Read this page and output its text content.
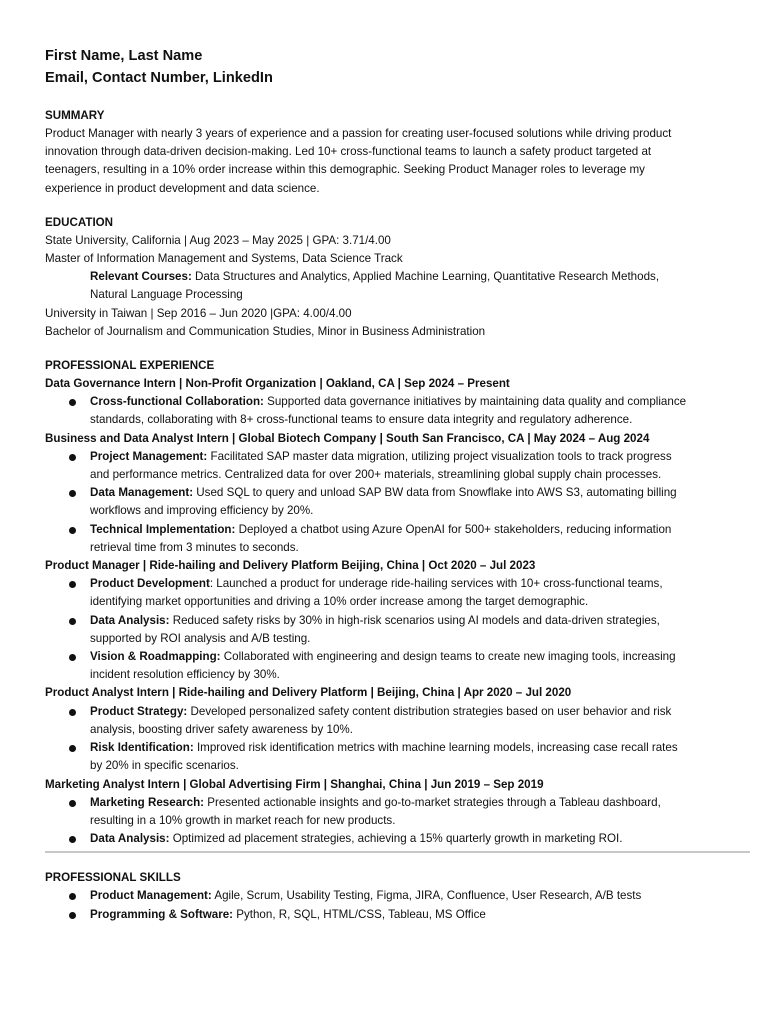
First Name, Last Name
Email, Contact Number, LinkedIn
SUMMARY
Product Manager with nearly 3 years of experience and a passion for creating user-focused solutions while driving product
innovation through data-driven decision-making. Led 10+ cross-functional teams to launch a safety product targeted at
teenagers, resulting in a 10% order increase within this demographic. Seeking Product Manager roles to leverage my
experience in product development and data science.
EDUCATION
State University, California | Aug 2023 – May 2025 | GPA: 3.71/4.00
Master of Information Management and Systems, Data Science Track
Relevant Courses: Data Structures and Analytics, Applied Machine Learning, Quantitative Research Methods,
Natural Language Processing
University in Taiwan | Sep 2016 – Jun 2020 |GPA: 4.00/4.00
Bachelor of Journalism and Communication Studies, Minor in Business Administration
PROFESSIONAL EXPERIENCE
Data Governance Intern | Non-Profit Organization | Oakland, CA | Sep 2024 – Present
Cross-functional Collaboration: Supported data governance initiatives by maintaining data quality and compliance
standards, collaborating with 8+ cross-functional teams to ensure data integrity and regulatory adherence.
Business and Data Analyst Intern | Global Biotech Company | South San Francisco, CA | May 2024 – Aug 2024
Project Management: Facilitated SAP master data migration, utilizing project visualization tools to track progress
and performance metrics. Centralized data for over 200+ materials, streamlining global supply chain processes.
Data Management: Used SQL to query and unload SAP BW data from Snowflake into AWS S3, automating billing
workflows and improving efficiency by 20%.
Technical Implementation: Deployed a chatbot using Azure OpenAI for 500+ stakeholders, reducing information
retrieval time from 3 minutes to seconds.
Product Manager | Ride-hailing and Delivery Platform Beijing, China | Oct 2020 – Jul 2023
Product Development: Launched a product for underage ride-hailing services with 10+ cross-functional teams,
identifying market opportunities and driving a 10% order increase among the target demographic.
Data Analysis: Reduced safety risks by 30% in high-risk scenarios using AI models and data-driven strategies,
supported by ROI analysis and A/B testing.
Vision & Roadmapping: Collaborated with engineering and design teams to create new imaging tools, increasing
incident resolution efficiency by 30%.
Product Analyst Intern | Ride-hailing and Delivery Platform | Beijing, China | Apr 2020 – Jul 2020
Product Strategy: Developed personalized safety content distribution strategies based on user behavior and risk
analysis, boosting driver safety awareness by 10%.
Risk Identification: Improved risk identification metrics with machine learning models, increasing case recall rates
by 20% in specific scenarios.
Marketing Analyst Intern | Global Advertising Firm | Shanghai, China | Jun 2019 – Sep 2019
Marketing Research: Presented actionable insights and go-to-market strategies through a Tableau dashboard,
resulting in a 10% growth in market reach for new products.
Data Analysis: Optimized ad placement strategies, achieving a 15% quarterly growth in marketing ROI.
PROFESSIONAL SKILLS
Product Management: Agile, Scrum, Usability Testing, Figma, JIRA, Confluence, User Research, A/B tests
Programming & Software: Python, R, SQL, HTML/CSS, Tableau, MS Office
